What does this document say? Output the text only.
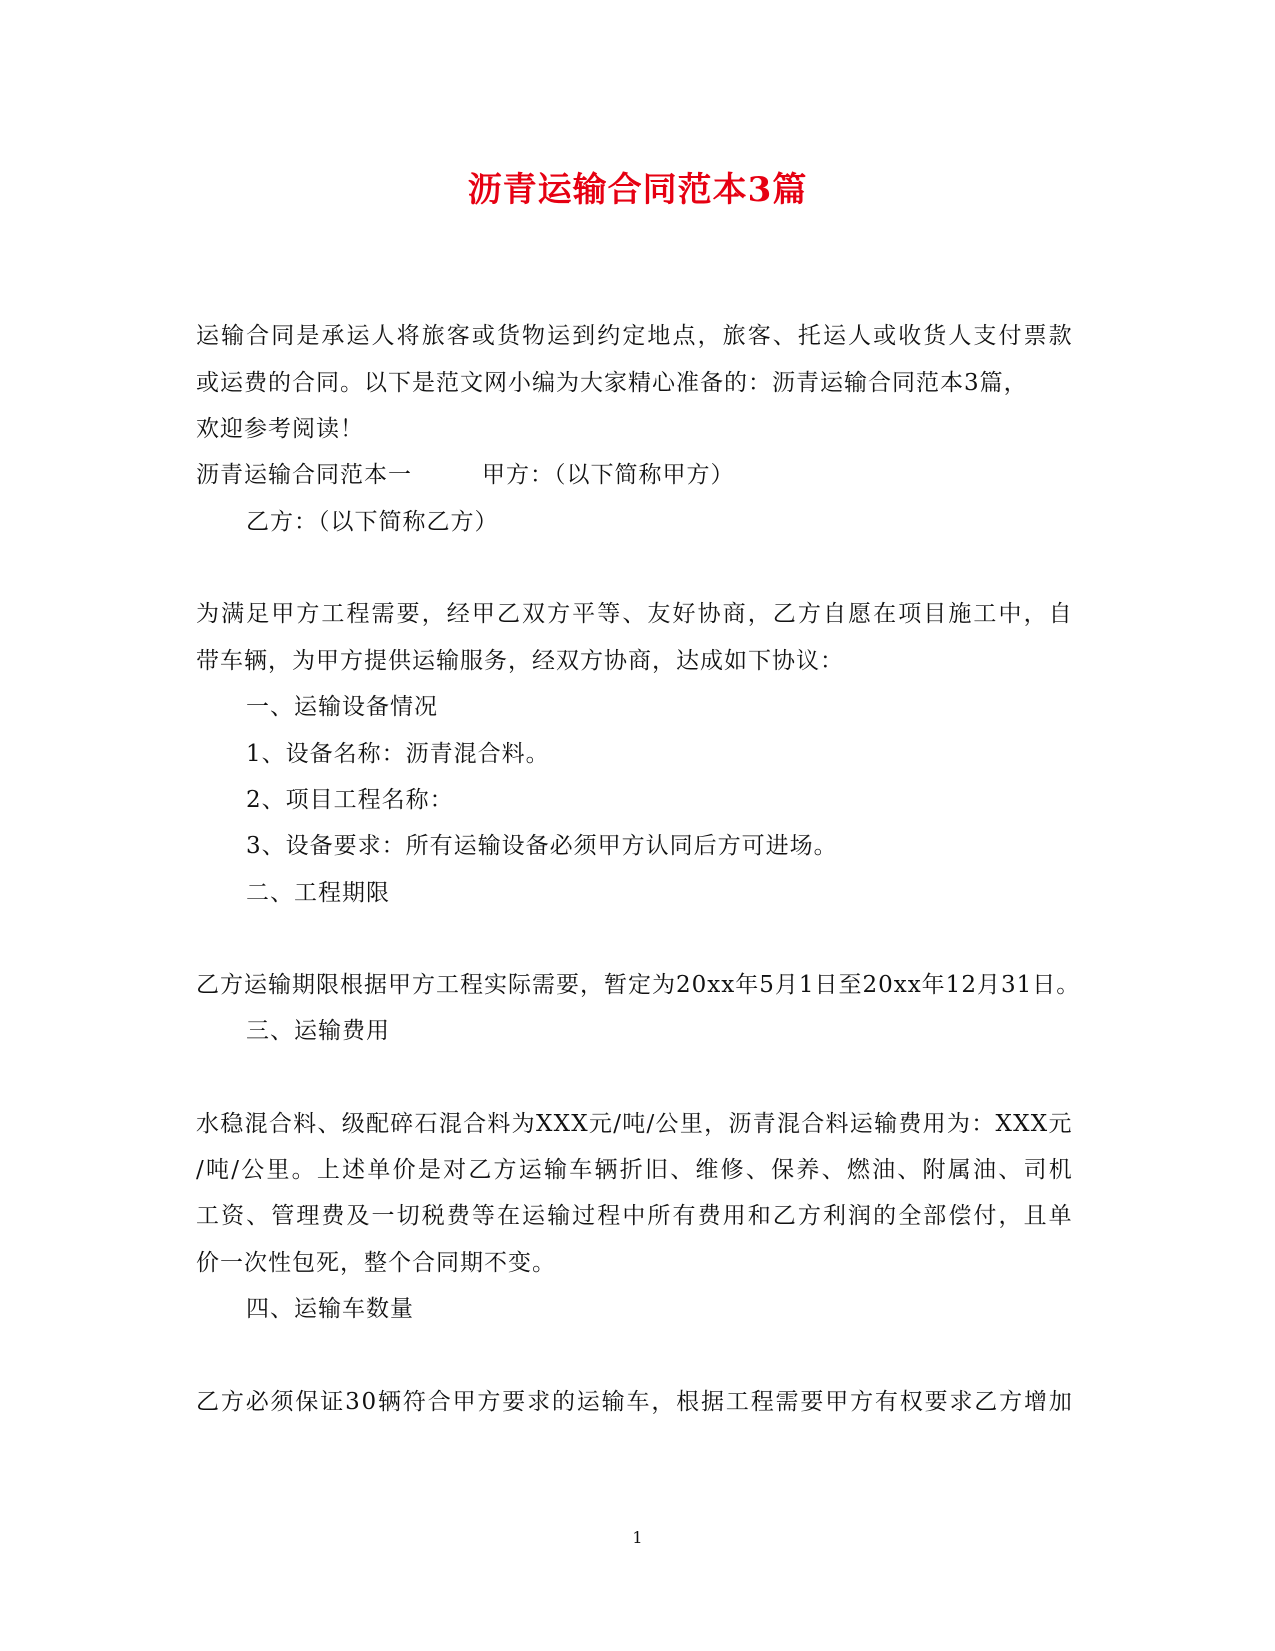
沥青运输合同范本3篇
运 输 合 同 是 承 运 人 将 旅 客 或 货 物 运 到 约 定 地 点 ， 旅 客 、 托 运 人 或 收 货 人 支 付 票 款
或运费的合同。以下是范文网小编为大家精心准备的：沥青运输合同范本3篇，
欢迎参考阅读！
沥青运输合同范本一	甲方：（以下简称甲方）
乙方：（以下简称乙方）
为 满 足 甲 方 工 程 需 要 ， 经 甲 乙 双 方 平 等 、 友 好 协 商 ， 乙 方 自 愿 在 项 目 施 工 中 ， 自
带车辆，为甲方提供运输服务，经双方协商，达成如下协议：
一、运输设备情况
1、设备名称：沥青混合料。
2、项目工程名称：
3、设备要求：所有运输设备必须甲方认同后方可进场。
二、工程期限
乙方运输期限根据甲方工程实际需要，暂定为20xx年5月1日至20xx年12月31日。
三、运输费用
水 稳 混 合 料 、 级 配 碎 石 混 合 料 为 X X X 元 / 吨 / 公 里 ， 沥 青 混 合 料 运 输 费 用 为 ： X X X 元
/ 吨 / 公 里 。 上 述 单 价 是 对 乙 方 运 输 车 辆 折 旧 、 维 修 、 保 养 、 燃 油 、 附 属 油 、 司 机
工 资 、 管 理 费 及 一 切 税 费 等 在 运 输 过 程 中 所 有 费 用 和 乙 方 利 润 的 全 部 偿 付 ， 且 单
价一次性包死，整个合同期不变。
四、运输车数量
乙 方 必 须 保 证 3 0 辆 符 合 甲 方 要 求 的 运 输 车 ， 根 据 工 程 需 要 甲 方 有 权 要 求 乙 方 增 加
1
